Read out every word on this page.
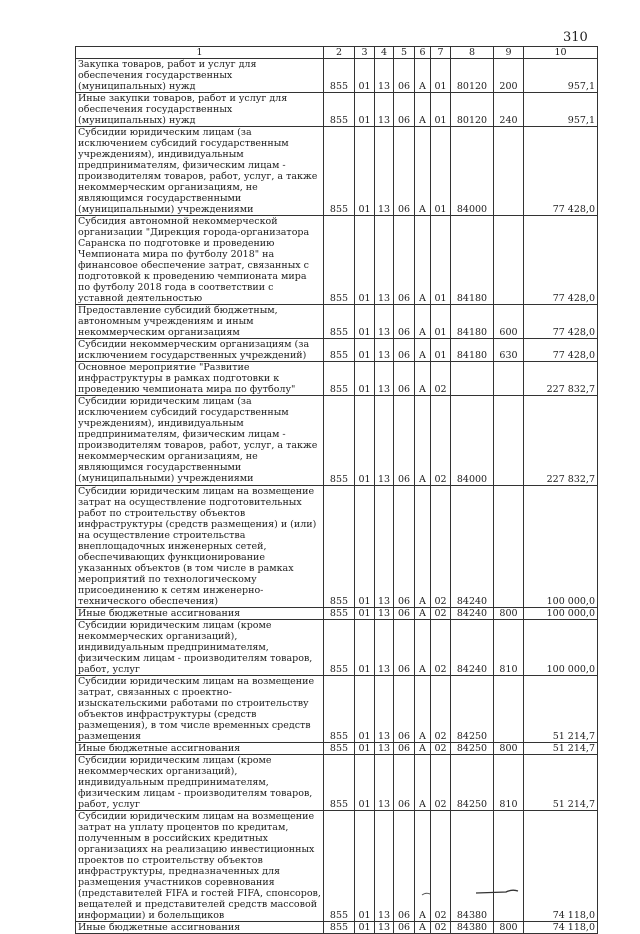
310
1	2	3	4	5	6	7	8	9	10
Закупка товаров, работ и услуг для обеспечения государственных (муниципальных) нужд	855	01	13	06	А	01	80120	200	957,1
Иные закупки товаров, работ и услуг для обеспечения государственных (муниципальных) нужд	855	01	13	06	А	01	80120	240	957,1
Субсидии юридическим лицам (за исключением субсидий государственным учреждениям), индивидуальным предпринимателям, физическим лицам - производителям товаров, работ, услуг, а также некоммерческим организациям, не являющимся государственными (муниципальными) учреждениями	855	01	13	06	А	01	84000		77 428,0
Субсидия автономной некоммерческой организации "Дирекция города-организатора Саранска по подготовке и проведению Чемпионата мира по футболу 2018" на финансовое обеспечение затрат, связанных с подготовкой к проведению чемпионата мира по футболу 2018 года в соответствии с уставной деятельностью	855	01	13	06	А	01	84180		77 428,0
Предоставление субсидий бюджетным, автономным учреждениям и иным некоммерческим организациям	855	01	13	06	А	01	84180	600	77 428,0
Субсидии некоммерческим организациям (за исключением государственных учреждений)	855	01	13	06	А	01	84180	630	77 428,0
Основное мероприятие "Развитие инфраструктуры в рамках подготовки к проведению чемпионата мира по футболу"	855	01	13	06	А	02			227 832,7
Субсидии юридическим лицам (за исключением субсидий государственным учреждениям), индивидуальным предпринимателям, физическим лицам - производителям товаров, работ, услуг, а также некоммерческим организациям, не являющимся государственными (муниципальными) учреждениями	855	01	13	06	А	02	84000		227 832,7
Субсидии юридическим лицам на возмещение затрат на осуществление подготовительных работ по строительству объектов инфраструктуры (средств размещения) и (или) на осуществление строительства внеплощадочных инженерных сетей, обеспечивающих функционирование указанных объектов (в том числе в рамках мероприятий по технологическому присоединению к сетям инженерно-технического обеспечения)	855	01	13	06	А	02	84240		100 000,0
Иные бюджетные ассигнования	855	01	13	06	А	02	84240	800	100 000,0
Субсидии юридическим лицам (кроме некоммерческих организаций), индивидуальным предпринимателям, физическим лицам - производителям товаров, работ, услуг	855	01	13	06	А	02	84240	810	100 000,0
Субсидии юридическим лицам на возмещение затрат, связанных с проектно-изыскательскими работами по строительству объектов инфраструктуры (средств размещения), в том числе временных средств размещения	855	01	13	06	А	02	84250		51 214,7
Иные бюджетные ассигнования	855	01	13	06	А	02	84250	800	51 214,7
Субсидии юридическим лицам (кроме некоммерческих организаций), индивидуальным предпринимателям, физическим лицам - производителям товаров, работ, услуг	855	01	13	06	А	02	84250	810	51 214,7
Субсидии юридическим лицам на возмещение затрат на уплату процентов по кредитам, полученным в российских кредитных организациях на реализацию инвестиционных проектов по строительству объектов инфраструктуры, предназначенных для размещения участников соревнования (представителей FIFA и гостей FIFA, спонсоров, вещателей и представителей средств массовой информации) и болельщиков	855	01	13	06	А	02	84380		74 118,0
Иные бюджетные ассигнования	855	01	13	06	А	02	84380	800	74 118,0
